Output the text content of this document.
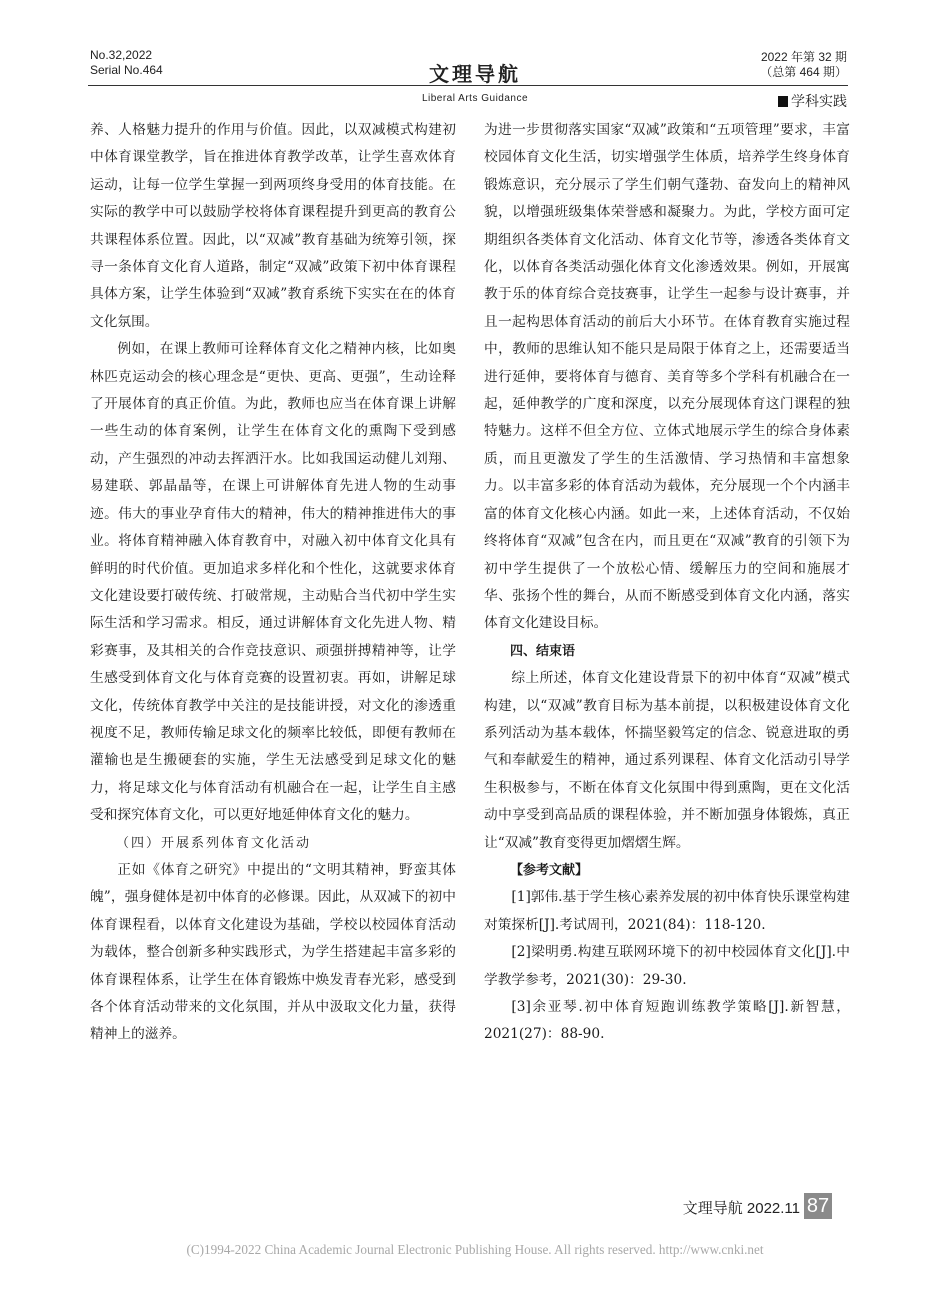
No.32,2022
Serial No.464	文理导航
2022 年第 32 期
（总第 464 期）
Liberal Arts Guidance	学科实践

养、人格魅力提升的作用与价值。因此，以双减模式构建初中体育课堂教学，旨在推进体育教学改革，让学生喜欢体育运动，让每一位学生掌握一到两项终身受用的体育技能。在实际的教学中可以鼓励学校将体育课程提升到更高的教育公共课程体系位置。因此，以“双减”教育基础为统筹引领，探寻一条体育文化育人道路，制定“双减”政策下初中体育课程具体方案，让学生体验到“双减”教育系统下实实在在的体育文化氛围。

例如，在课上教师可诠释体育文化之精神内核，比如奥林匹克运动会的核心理念是“更快、更高、更强”，生动诠释了开展体育的真正价值。为此，教师也应当在体育课上讲解一些生动的体育案例，让学生在体育文化的熏陶下受到感动，产生强烈的冲动去挥洒汗水。比如我国运动健儿刘翔、易建联、郭晶晶等，在课上可讲解体育先进人物的生动事迹。伟大的事业孕育伟大的精神，伟大的精神推进伟大的事业。将体育精神融入体育教育中，对融入初中体育文化具有鲜明的时代价值。更加追求多样化和个性化，这就要求体育文化建设要打破传统、打破常规，主动贴合当代初中学生实际生活和学习需求。相反，通过讲解体育文化先进人物、精彩赛事，及其相关的合作竞技意识、顽强拼搏精神等，让学生感受到体育文化与体育竞赛的设置初衷。再如，讲解足球文化，传统体育教学中关注的是技能讲授，对文化的渗透重视度不足，教师传输足球文化的频率比较低，即便有教师在灌输也是生搬硬套的实施，学生无法感受到足球文化的魅力，将足球文化与体育活动有机融合在一起，让学生自主感受和探究体育文化，可以更好地延伸体育文化的魅力。

（四）开展系列体育文化活动

正如《体育之研究》中提出的“文明其精神，野蛮其体魄”，强身健体是初中体育的必修课。因此，从双减下的初中体育课程看，以体育文化建设为基础，学校以校园体育活动为载体，整合创新多种实践形式，为学生搭建起丰富多彩的体育课程体系，让学生在体育锻炼中焕发青春光彩，感受到各个体育活动带来的文化氛围，并从中汲取文化力量，获得精神上的滋养。

为进一步贯彻落实国家“双减”政策和“五项管理”要求，丰富校园体育文化生活，切实增强学生体质，培养学生终身体育锻炼意识，充分展示了学生们朝气蓬勃、奋发向上的精神风貌，以增强班级集体荣誉感和凝聚力。为此，学校方面可定期组织各类体育文化活动、体育文化节等，渗透各类体育文化，以体育各类活动强化体育文化渗透效果。例如，开展寓教于乐的体育综合竞技赛事，让学生一起参与设计赛事，并且一起构思体育活动的前后大小环节。在体育教育实施过程中，教师的思维认知不能只是局限于体育之上，还需要适当进行延伸，要将体育与德育、美育等多个学科有机融合在一起，延伸教学的广度和深度，以充分展现体育这门课程的独特魅力。这样不但全方位、立体式地展示学生的综合身体素质，而且更激发了学生的生活激情、学习热情和丰富想象力。以丰富多彩的体育活动为载体，充分展现一个个内涵丰富的体育文化核心内涵。如此一来，上述体育活动，不仅始终将体育“双减”包含在内，而且更在“双减”教育的引领下为初中学生提供了一个放松心情、缓解压力的空间和施展才华、张扬个性的舞台，从而不断感受到体育文化内涵，落实体育文化建设目标。

四、结束语

综上所述，体育文化建设背景下的初中体育“双减”模式构建，以“双减”教育目标为基本前提，以积极建设体育文化系列活动为基本载体，怀揣坚毅笃定的信念、锐意进取的勇气和奉献爱生的精神，通过系列课程、体育文化活动引导学生积极参与，不断在体育文化氛围中得到熏陶，更在文化活动中享受到高品质的课程体验，并不断加强身体锻炼，真正让“双减”教育变得更加熠熠生辉。

【参考文献】

[1]郭伟.基于学生核心素养发展的初中体育快乐课堂构建对策探析[J].考试周刊，2021(84)：118-120.

[2]梁明勇.构建互联网环境下的初中校园体育文化[J].中学教学参考，2021(30)：29-30.

[3]余亚琴.初中体育短跑训练教学策略[J].新智慧，2021(27)：88-90.

文理导航 2022.11 87
(C)1994-2022 China Academic Journal Electronic Publishing House. All rights reserved. http://www.cnki.net
